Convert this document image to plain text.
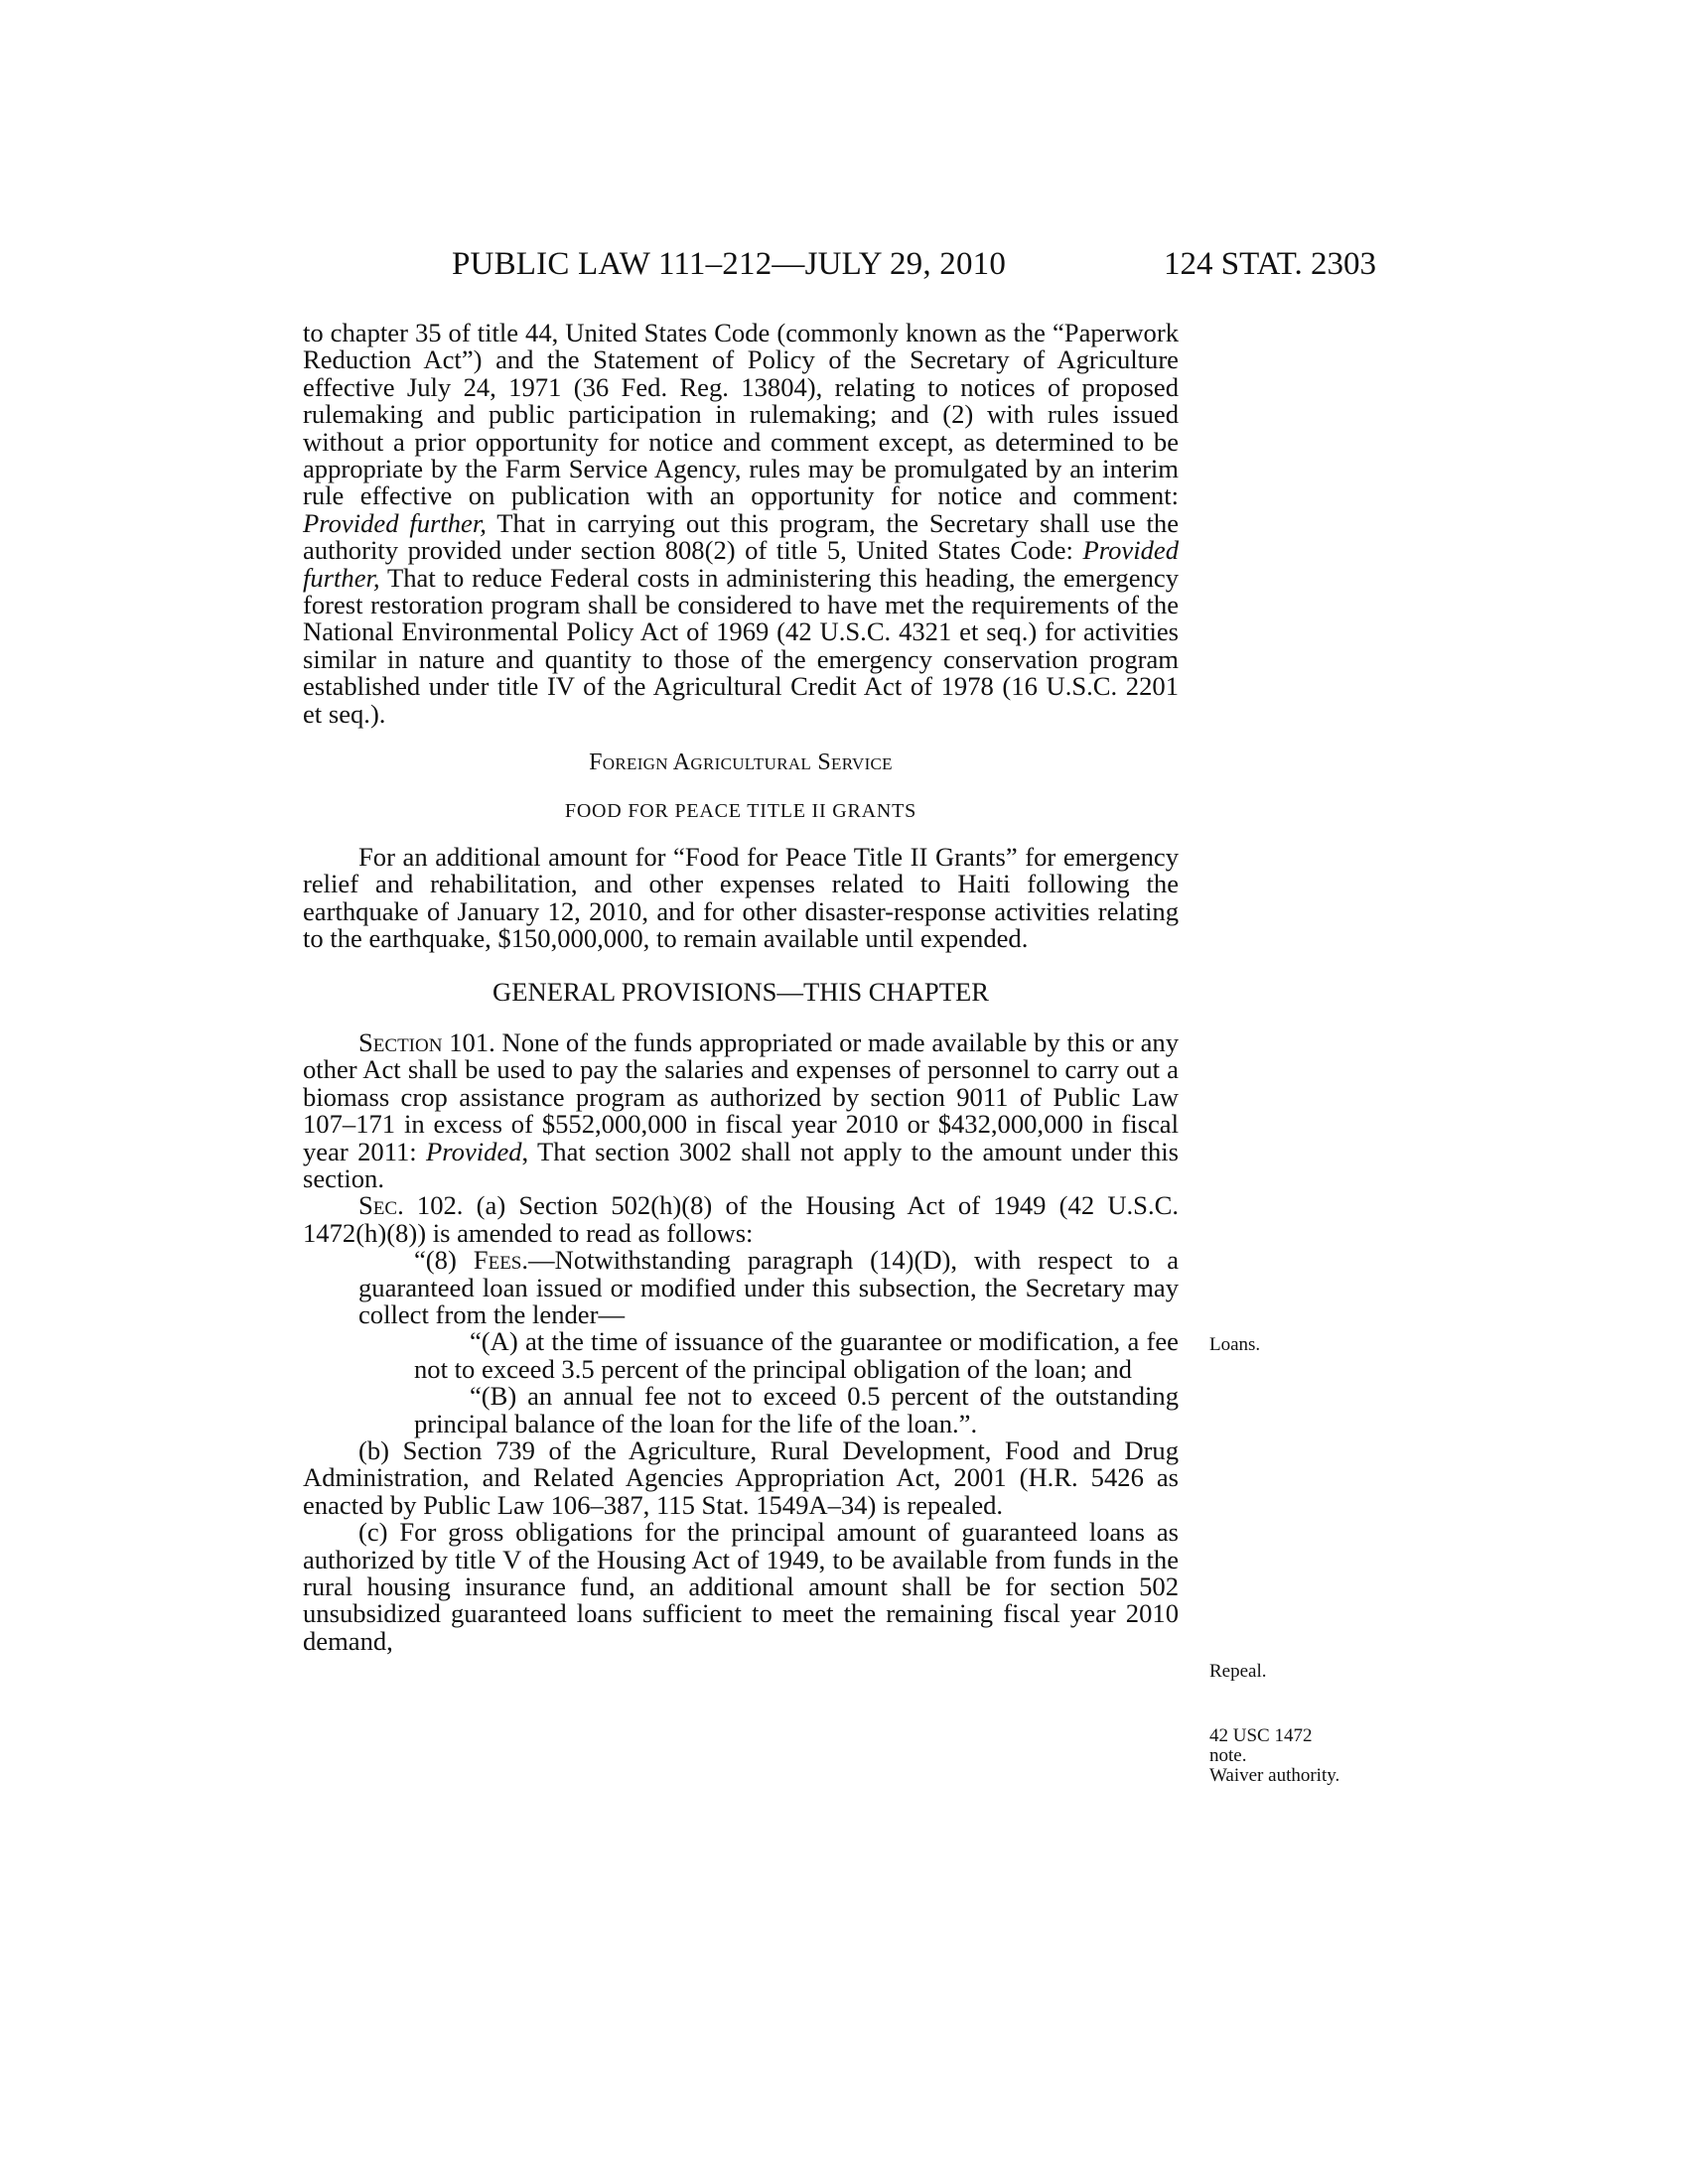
PUBLIC LAW 111–212—JULY 29, 2010	124 STAT. 2303

to chapter 35 of title 44, United States Code (commonly known as the “Paperwork Reduction Act”) and the Statement of Policy of the Secretary of Agriculture effective July 24, 1971 (36 Fed. Reg. 13804), relating to notices of proposed rulemaking and public participation in rulemaking; and (2) with rules issued without a prior opportunity for notice and comment except, as determined to be appropriate by the Farm Service Agency, rules may be promulgated by an interim rule effective on publication with an opportunity for notice and comment: Provided further, That in carrying out this program, the Secretary shall use the authority provided under section 808(2) of title 5, United States Code: Provided further, That to reduce Federal costs in administering this heading, the emergency forest restoration program shall be considered to have met the requirements of the National Environmental Policy Act of 1969 (42 U.S.C. 4321 et seq.) for activities similar in nature and quantity to those of the emergency conservation program established under title IV of the Agricultural Credit Act of 1978 (16 U.S.C. 2201 et seq.).

Foreign Agricultural Service
FOOD FOR PEACE TITLE II GRANTS

For an additional amount for “Food for Peace Title II Grants” for emergency relief and rehabilitation, and other expenses related to Haiti following the earthquake of January 12, 2010, and for other disaster-response activities relating to the earthquake, $150,000,000, to remain available until expended.

GENERAL PROVISIONS—THIS CHAPTER

Section 101. None of the funds appropriated or made available by this or any other Act shall be used to pay the salaries and expenses of personnel to carry out a biomass crop assistance program as authorized by section 9011 of Public Law 107–171 in excess of $552,000,000 in fiscal year 2010 or $432,000,000 in fiscal year 2011: Provided, That section 3002 shall not apply to the amount under this section.

Sec. 102. (a) Section 502(h)(8) of the Housing Act of 1949 (42 U.S.C. 1472(h)(8)) is amended to read as follows:

“(8) Fees.—Notwithstanding paragraph (14)(D), with respect to a guaranteed loan issued or modified under this subsection, the Secretary may collect from the lender—

“(A) at the time of issuance of the guarantee or modification, a fee not to exceed 3.5 percent of the principal obligation of the loan; and

“(B) an annual fee not to exceed 0.5 percent of the outstanding principal balance of the loan for the life of the loan.”.

(b) Section 739 of the Agriculture, Rural Development, Food and Drug Administration, and Related Agencies Appropriation Act, 2001 (H.R. 5426 as enacted by Public Law 106–387, 115 Stat. 1549A–34) is repealed.

(c) For gross obligations for the principal amount of guaranteed loans as authorized by title V of the Housing Act of 1949, to be available from funds in the rural housing insurance fund, an additional amount shall be for section 502 unsubsidized guaranteed loans sufficient to meet the remaining fiscal year 2010 demand,

Loans.
Repeal.
42 USC 1472
note.
Waiver authority.
